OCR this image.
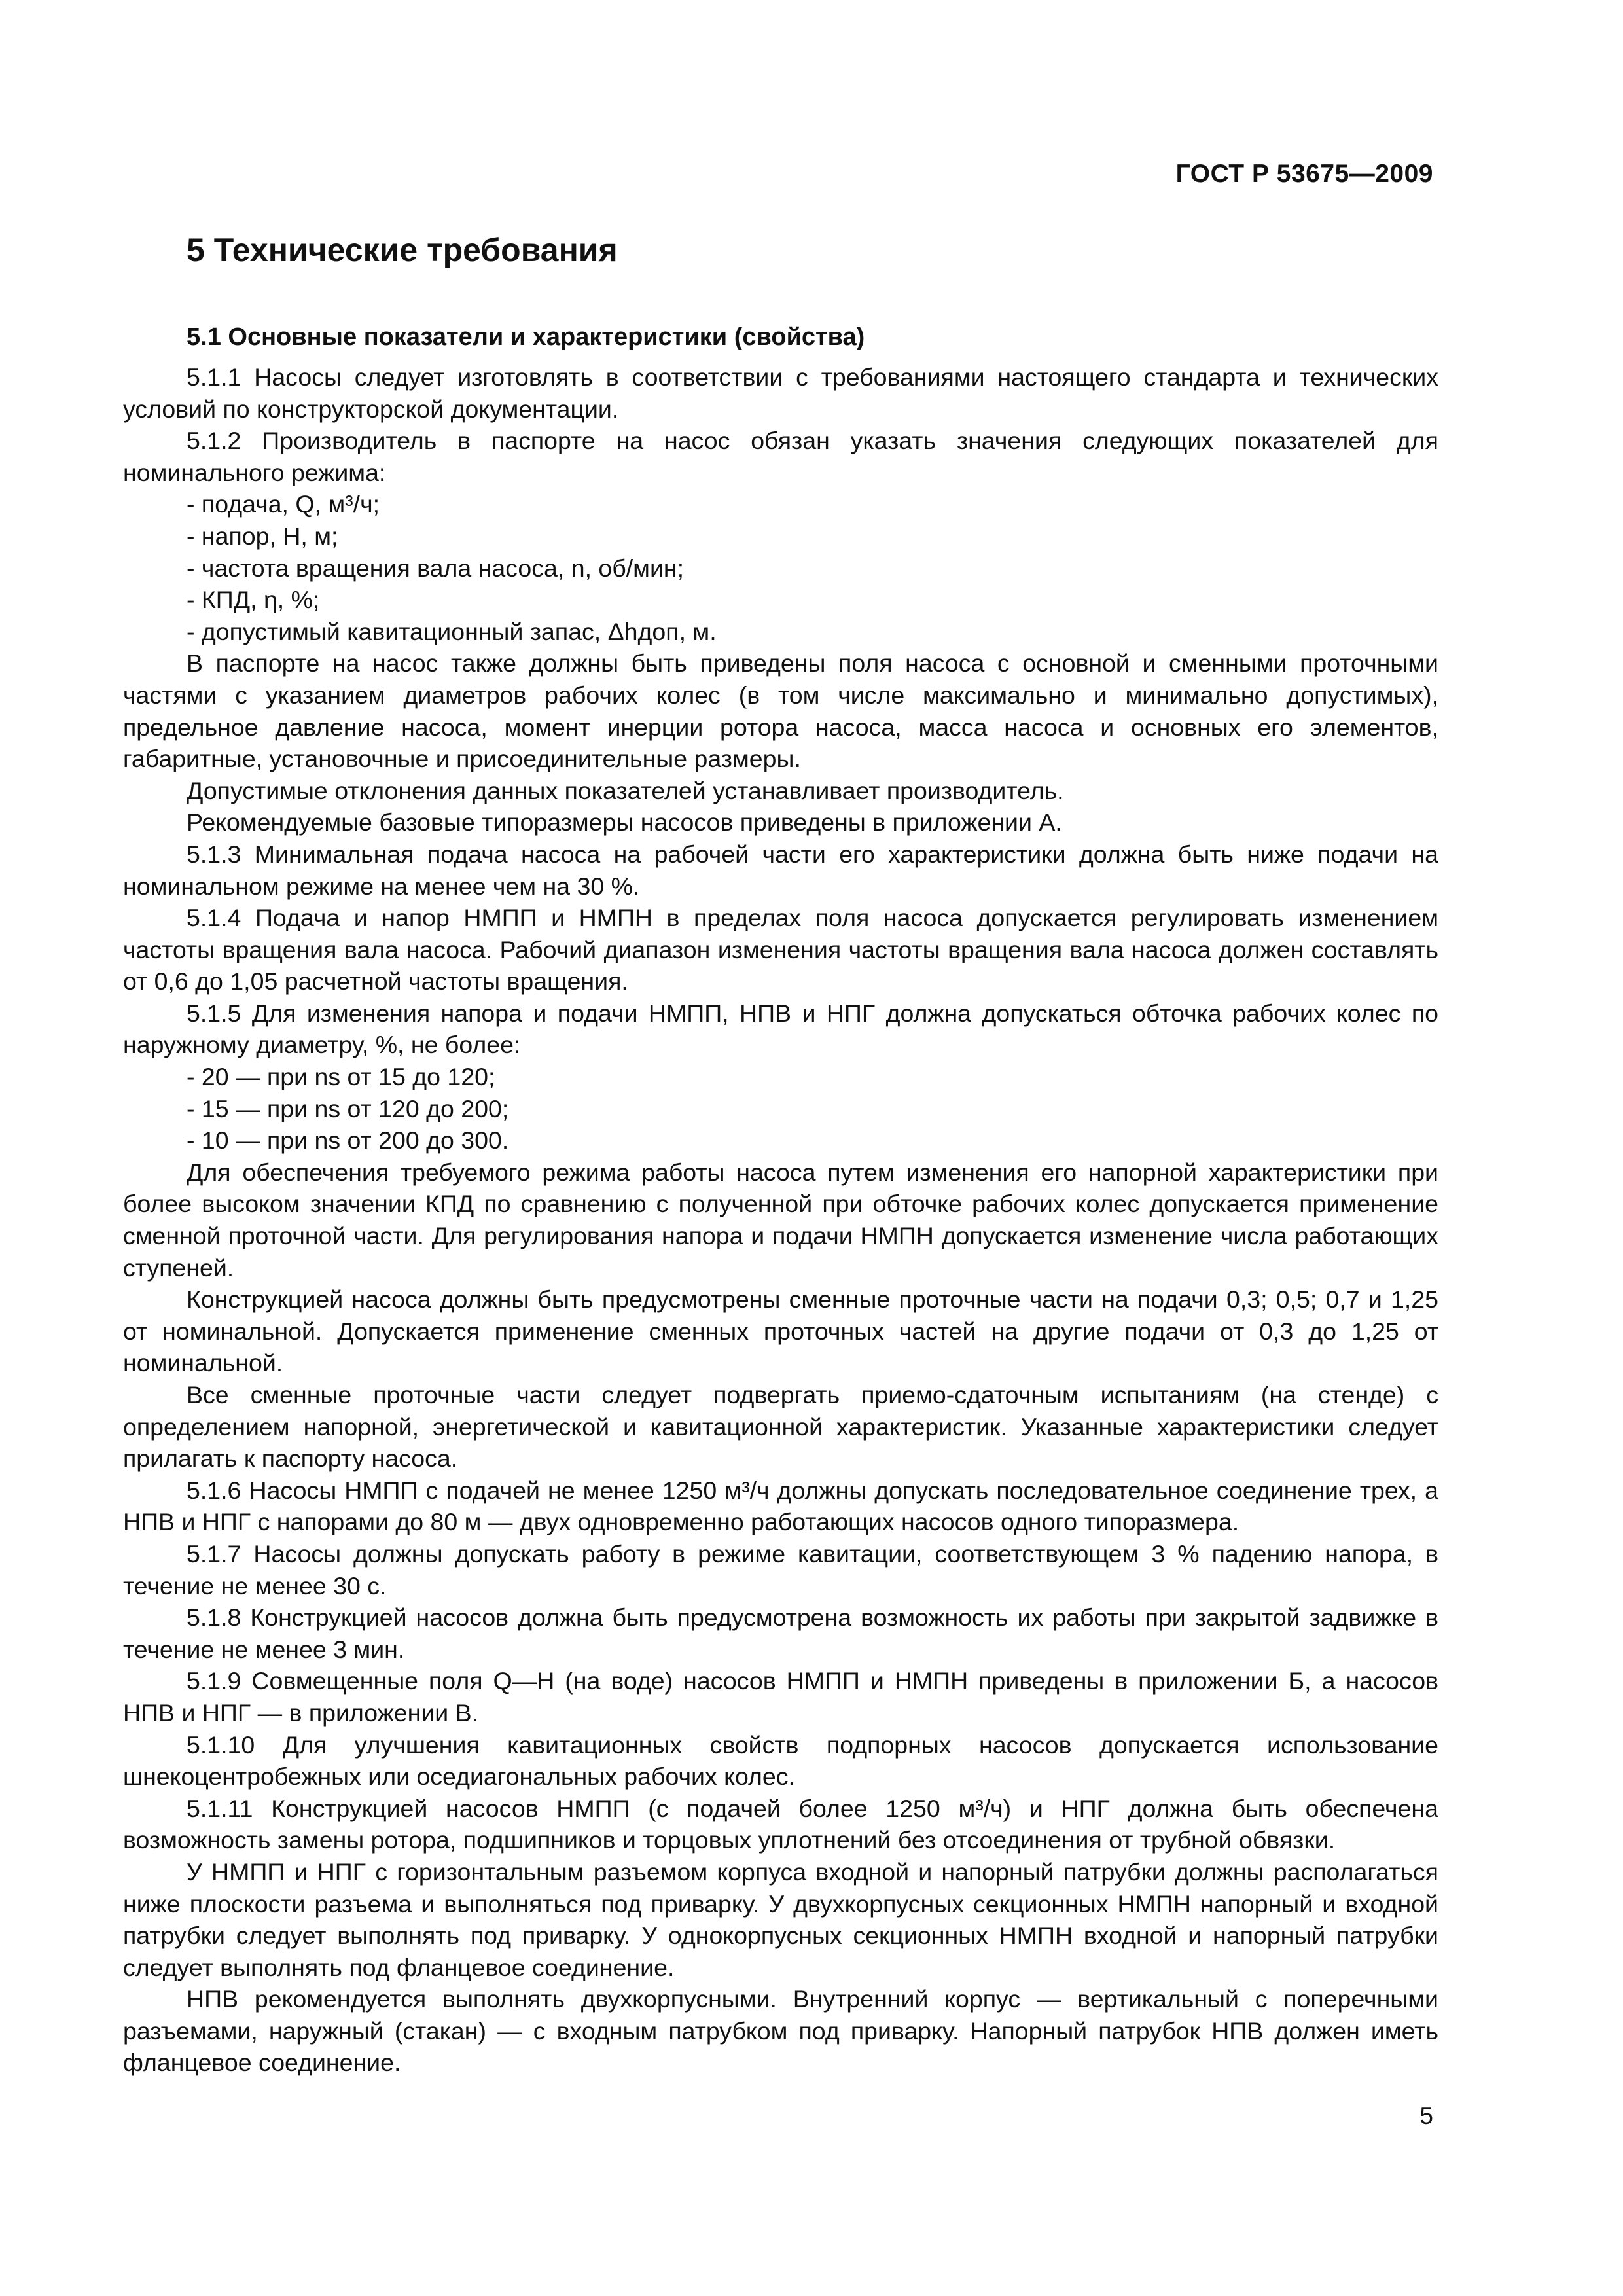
ГОСТ Р 53675—2009
5 Технические требования
5.1 Основные показатели и характеристики (свойства)

5.1.1 Насосы следует изготовлять в соответствии с требованиями настоящего стандарта и технических условий по конструкторской документации.

5.1.2 Производитель в паспорте на насос обязан указать значения следующих показателей для номинального режима:

- подача, Q, м³/ч;

- напор, H, м;

- частота вращения вала насоса, n, об/мин;

- КПД, η, %;

- допустимый кавитационный запас, Δhдоп, м.

В паспорте на насос также должны быть приведены поля насоса с основной и сменными проточными частями с указанием диаметров рабочих колес (в том числе максимально и минимально допустимых), предельное давление насоса, момент инерции ротора насоса, масса насоса и основных его элементов, габаритные, установочные и присоединительные размеры.

Допустимые отклонения данных показателей устанавливает производитель.

Рекомендуемые базовые типоразмеры насосов приведены в приложении А.

5.1.3 Минимальная подача насоса на рабочей части его характеристики должна быть ниже подачи на номинальном режиме на менее чем на 30 %.

5.1.4 Подача и напор НМПП и НМПН в пределах поля насоса допускается регулировать изменением частоты вращения вала насоса. Рабочий диапазон изменения частоты вращения вала насоса должен составлять от 0,6 до 1,05 расчетной частоты вращения.

5.1.5 Для изменения напора и подачи НМПП, НПВ и НПГ должна допускаться обточка рабочих колес по наружному диаметру, %, не более:

- 20 — при ns от 15 до 120;

- 15 — при ns от 120 до 200;

- 10 — при ns от 200 до 300.

Для обеспечения требуемого режима работы насоса путем изменения его напорной характеристики при более высоком значении КПД по сравнению с полученной при обточке рабочих колес допускается применение сменной проточной части. Для регулирования напора и подачи НМПН допускается изменение числа работающих ступеней.

Конструкцией насоса должны быть предусмотрены сменные проточные части на подачи 0,3; 0,5; 0,7 и 1,25 от номинальной. Допускается применение сменных проточных частей на другие подачи от 0,3 до 1,25 от номинальной.

Все сменные проточные части следует подвергать приемо-сдаточным испытаниям (на стенде) с определением напорной, энергетической и кавитационной характеристик. Указанные характеристики следует прилагать к паспорту насоса.

5.1.6 Насосы НМПП с подачей не менее 1250 м³/ч должны допускать последовательное соединение трех, а НПВ и НПГ с напорами до 80 м — двух одновременно работающих насосов одного типоразмера.

5.1.7 Насосы должны допускать работу в режиме кавитации, соответствующем 3 % падению напора, в течение не менее 30 с.

5.1.8 Конструкцией насосов должна быть предусмотрена возможность их работы при закрытой задвижке в течение не менее 3 мин.

5.1.9 Совмещенные поля Q—H (на воде) насосов НМПП и НМПН приведены в приложении Б, а насосов НПВ и НПГ — в приложении В.

5.1.10 Для улучшения кавитационных свойств подпорных насосов допускается использование шнекоцентробежных или оседиагональных рабочих колес.

5.1.11 Конструкцией насосов НМПП (с подачей более 1250 м³/ч) и НПГ должна быть обеспечена возможность замены ротора, подшипников и торцовых уплотнений без отсоединения от трубной обвязки.

У НМПП и НПГ с горизонтальным разъемом корпуса входной и напорный патрубки должны располагаться ниже плоскости разъема и выполняться под приварку. У двухкорпусных секционных НМПН напорный и входной патрубки следует выполнять под приварку. У однокорпусных секционных НМПН входной и напорный патрубки следует выполнять под фланцевое соединение.

НПВ рекомендуется выполнять двухкорпусными. Внутренний корпус — вертикальный с поперечными разъемами, наружный (стакан) — с входным патрубком под приварку. Напорный патрубок НПВ должен иметь фланцевое соединение.

5
